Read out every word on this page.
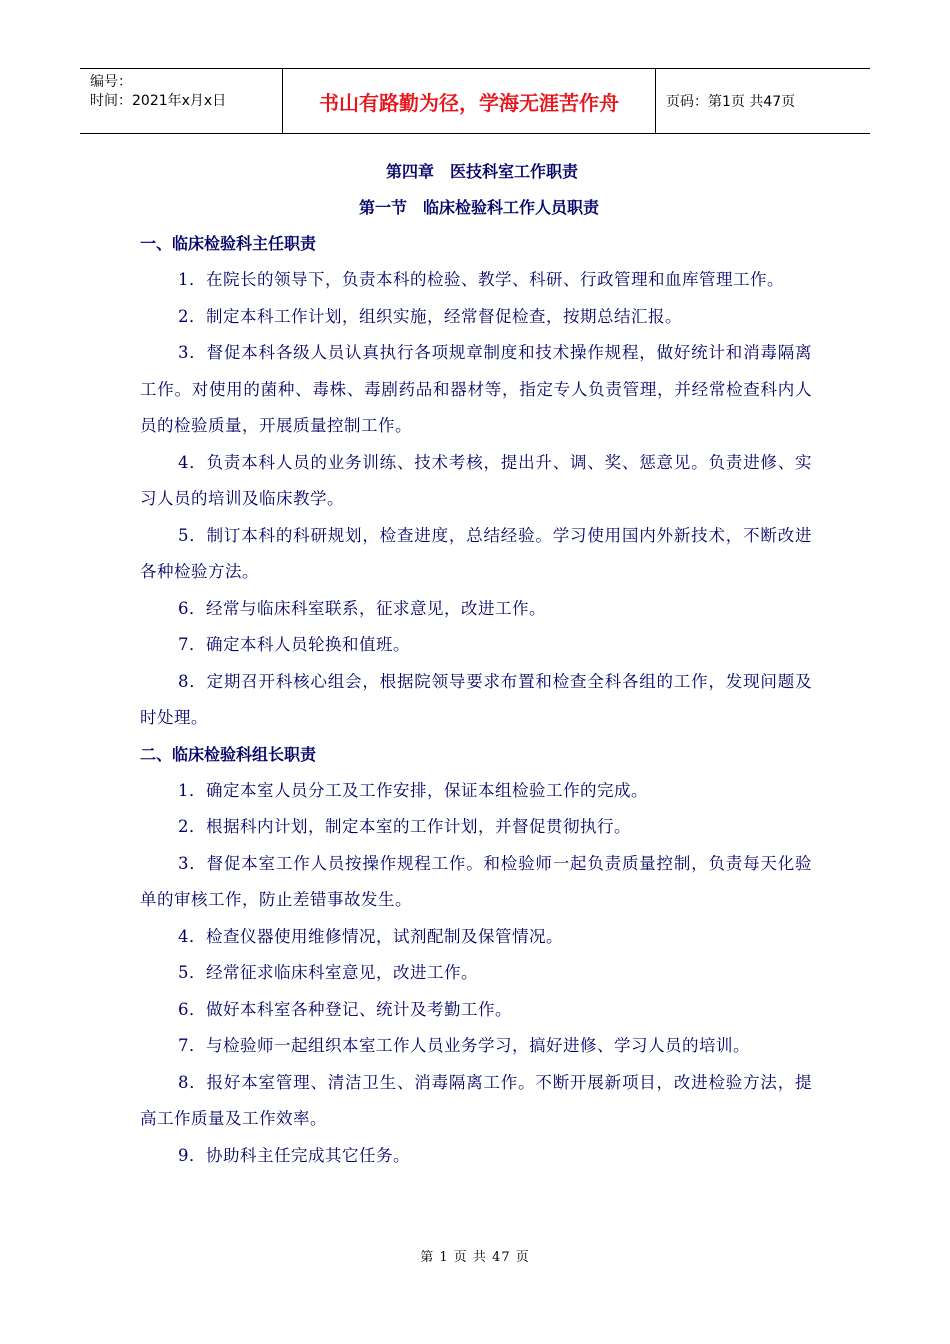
编号：
时间：2021年x月x日	书山有路勤为径，学海无涯苦作舟	页码：第1页 共47页
第四章　医技科室工作职责
第一节　临床检验科工作人员职责
一、临床检验科主任职责
1．在院长的领导下，负责本科的检验、教学、科研、行政管理和血库管理工作。
2．制定本科工作计划，组织实施，经常督促检查，按期总结汇报。
3．督促本科各级人员认真执行各项规章制度和技术操作规程，做好统计和消毒隔离工作。对使用的菌种、毒株、毒剧药品和器材等，指定专人负责管理，并经常检查科内人员的检验质量，开展质量控制工作。
4．负责本科人员的业务训练、技术考核，提出升、调、奖、惩意见。负责进修、实习人员的培训及临床教学。
5．制订本科的科研规划，检查进度，总结经验。学习使用国内外新技术，不断改进各种检验方法。
6．经常与临床科室联系，征求意见，改进工作。
7．确定本科人员轮换和值班。
8．定期召开科核心组会，根据院领导要求布置和检查全科各组的工作，发现问题及时处理。
二、临床检验科组长职责
1．确定本室人员分工及工作安排，保证本组检验工作的完成。
2．根据科内计划，制定本室的工作计划，并督促贯彻执行。
3．督促本室工作人员按操作规程工作。和检验师一起负责质量控制，负责每天化验单的审核工作，防止差错事故发生。
4．检查仪器使用维修情况，试剂配制及保管情况。
5．经常征求临床科室意见，改进工作。
6．做好本科室各种登记、统计及考勤工作。
7．与检验师一起组织本室工作人员业务学习，搞好进修、学习人员的培训。
8．报好本室管理、清洁卫生、消毒隔离工作。不断开展新项目，改进检验方法，提高工作质量及工作效率。
9．协助科主任完成其它任务。
第 1 页 共 47 页
